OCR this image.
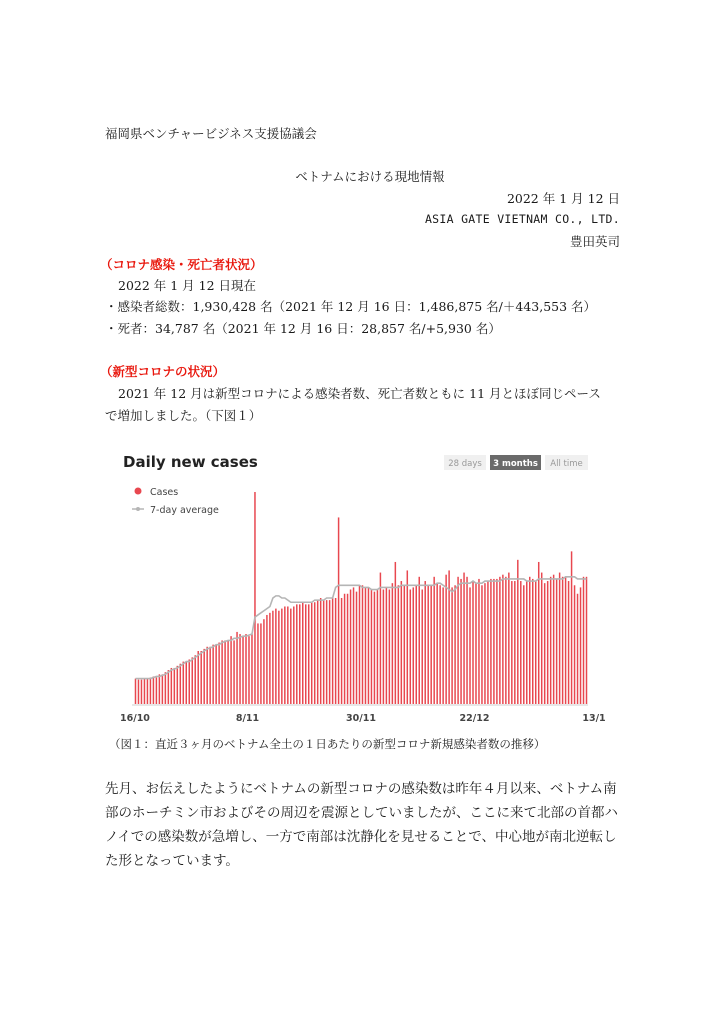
福岡県ベンチャービジネス支援協議会
ベトナムにおける現地情報
2022 年 1 月 12 日
ASIA GATE VIETNAM CO., LTD.
豊田英司
（コロナ感染・死亡者状況）
2022 年 1 月 12 日現在
・感染者総数：1,930,428 名（2021 年 12 月 16 日：1,486,875 名/＋443,553 名）
・死者：34,787 名（2021 年 12 月 16 日：28,857 名/+5,930 名）
（新型コロナの状況）
2021 年 12 月は新型コロナによる感染者数、死亡者数ともに 11 月とほぼ同じペース
で増加しました。（下図１）
Daily new cases	28 days 3 months All time
Cases
7-day average
16/10	8/11	30/11	22/12	13/1
（図１：直近３ヶ月のベトナム全土の１日あたりの新型コロナ新規感染者数の推移）
先月、お伝えしたようにベトナムの新型コロナの感染数は昨年４月以来、ベトナム南
部のホーチミン市およびその周辺を震源としていましたが、ここに来て北部の首都ハ
ノイでの感染数が急増し、一方で南部は沈静化を見せることで、中心地が南北逆転し
た形となっています。
